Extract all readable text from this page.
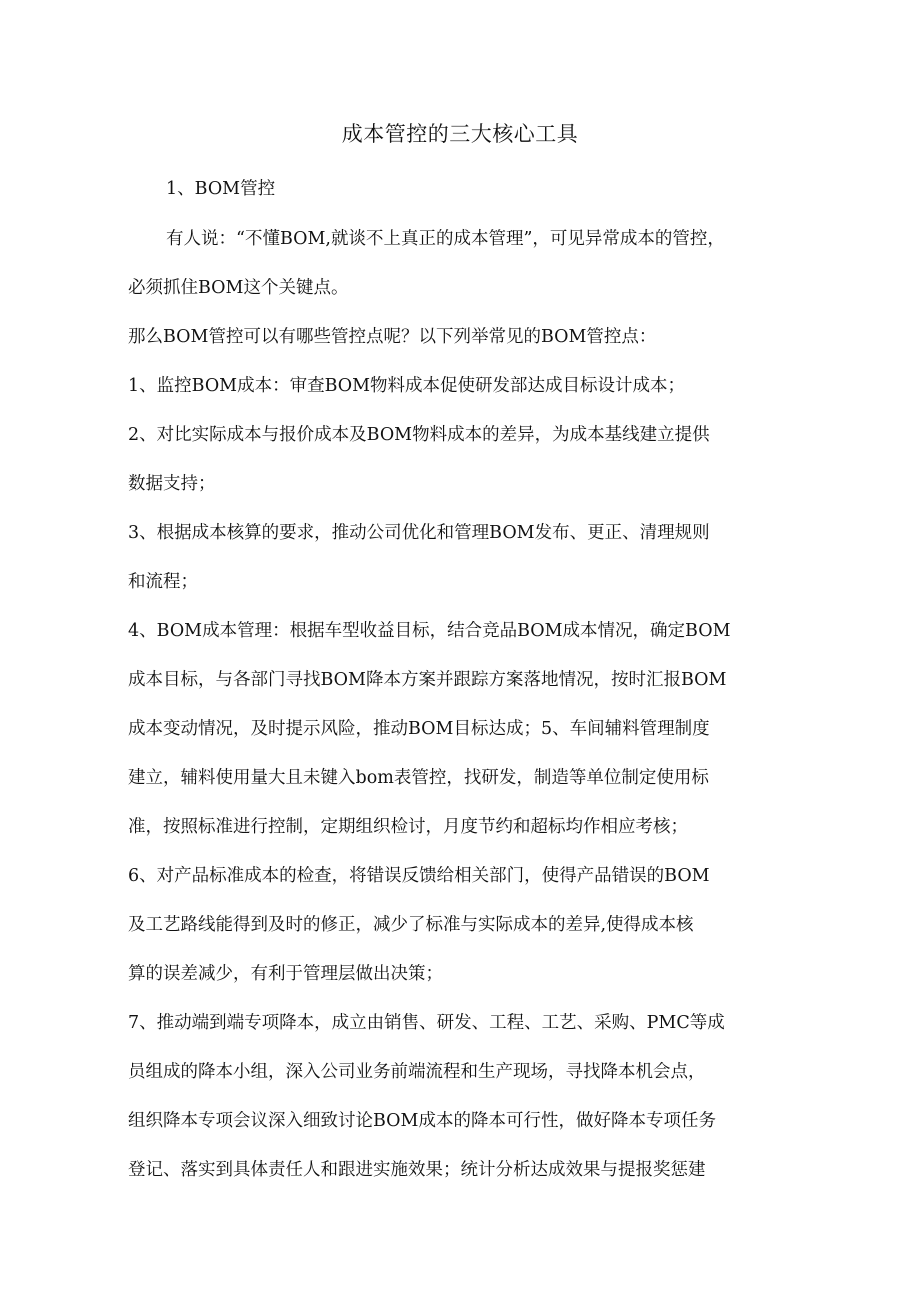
成本管控的三大核心工具

1、BOM管控

有人说：“不懂BOM,就谈不上真正的成本管理”，可见异常成本的管控，

必须抓住BOM这个关键点。

那么BOM管控可以有哪些管控点呢？以下列举常见的BOM管控点：

1、监控BOM成本：审查BOM物料成本促使研发部达成目标设计成本；

2、对比实际成本与报价成本及BOM物料成本的差异，为成本基线建立提供

数据支持；

3、根据成本核算的要求，推动公司优化和管理BOM发布、更正、清理规则

和流程；

4、BOM成本管理：根据车型收益目标，结合竞品BOM成本情况，确定BOM

成本目标，与各部门寻找BOM降本方案并跟踪方案落地情况，按时汇报BOM

成本变动情况，及时提示风险，推动BOM目标达成；5、车间辅料管理制度

建立，辅料使用量大且未键入bom表管控，找研发，制造等单位制定使用标

准，按照标准进行控制，定期组织检讨，月度节约和超标均作相应考核；

6、对产品标准成本的检查，将错误反馈给相关部门，使得产品错误的BOM

及工艺路线能得到及时的修正，减少了标准与实际成本的差异,使得成本核

算的误差减少，有利于管理层做出决策；

7、推动端到端专项降本，成立由销售、研发、工程、工艺、采购、PMC等成

员组成的降本小组，深入公司业务前端流程和生产现场，寻找降本机会点，

组织降本专项会议深入细致讨论BOM成本的降本可行性，做好降本专项任务

登记、落实到具体责任人和跟进实施效果；统计分析达成效果与提报奖惩建
